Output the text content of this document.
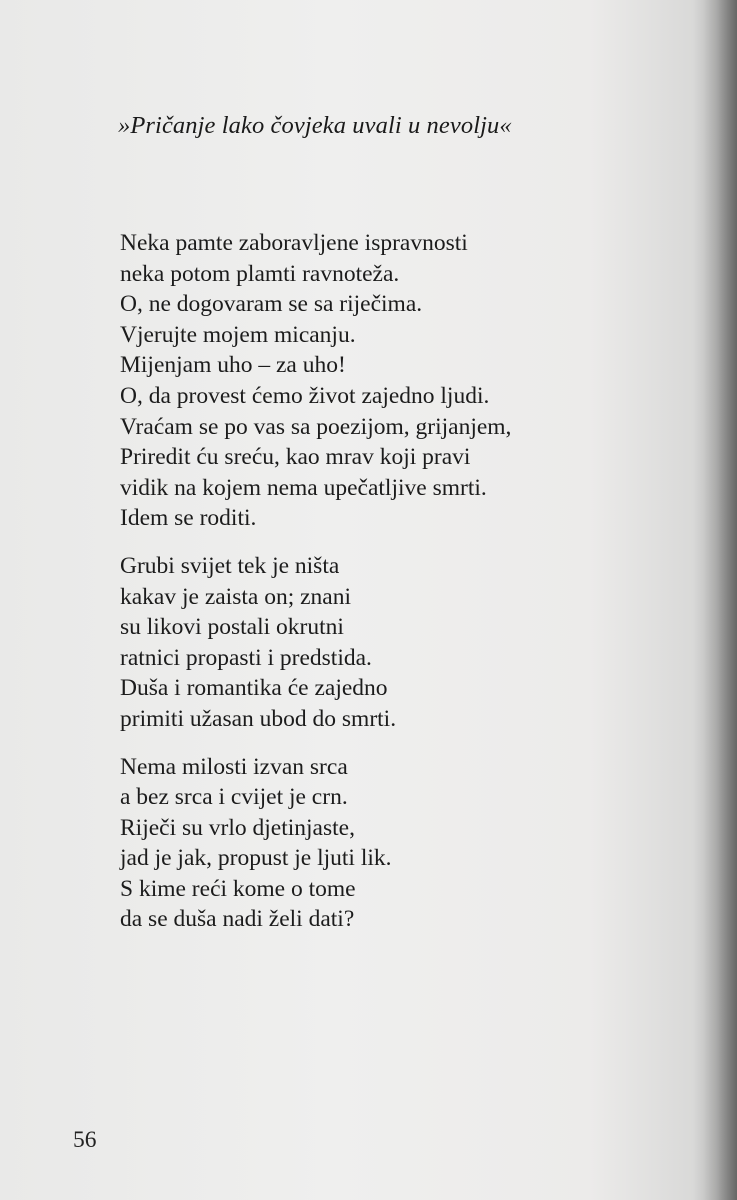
»Pričanje lako čovjeka uvali u nevolju«
Neka pamte zaboravljene ispravnosti
neka potom plamti ravnoteža.
O, ne dogovaram se sa riječima.
Vjerujte mojem micanju.
Mijenjam uho – za uho!
O, da provest ćemo život zajedno ljudi.
Vraćam se po vas sa poezijom, grijanjem,
Priredit ću sreću, kao mrav koji pravi
vidik na kojem nema upečatljive smrti.
Idem se roditi.
Grubi svijet tek je ništa
kakav je zaista on; znani
su likovi postali okrutni
ratnici propasti i predstida.
Duša i romantika će zajedno
primiti užasan ubod do smrti.
Nema milosti izvan srca
a bez srca i cvijet je crn.
Riječi su vrlo djetinjaste,
jad je jak, propust je ljuti lik.
S kime reći kome o tome
da se duša nadi želi dati?
56
